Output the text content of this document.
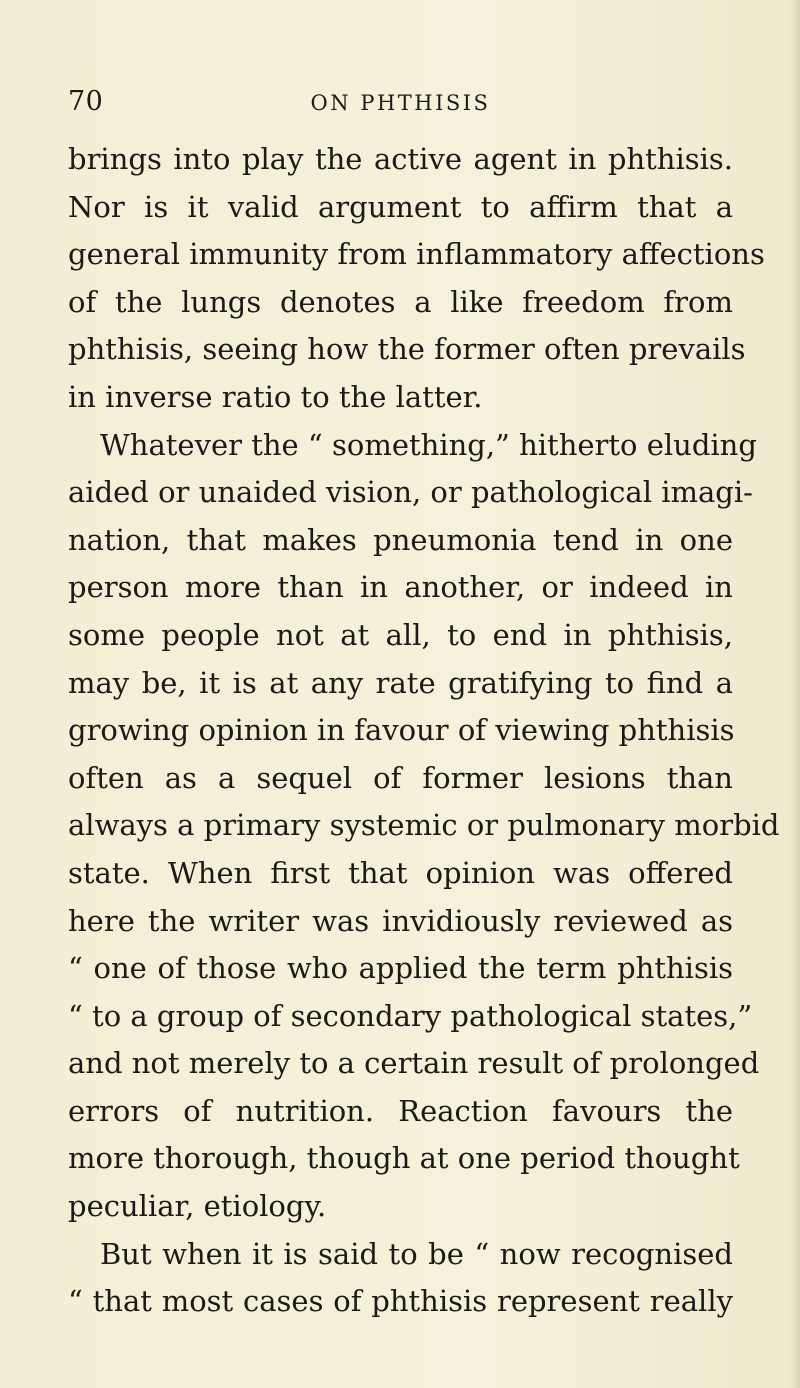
70	ON PHTHISIS
brings into play the active agent in phthisis.
Nor is it valid argument to affirm that a
general immunity from inflammatory affections
of the lungs denotes a like freedom from
phthisis, seeing how the former often prevails
in inverse ratio to the latter.
Whatever the “ something,” hitherto eluding
aided or unaided vision, or pathological imagi-
nation, that makes pneumonia tend in one
person more than in another, or indeed in
some people not at all, to end in phthisis,
may be, it is at any rate gratifying to find a
growing opinion in favour of viewing phthisis
often as a sequel of former lesions than
always a primary systemic or pulmonary morbid
state. When first that opinion was offered
here the writer was invidiously reviewed as
“ one of those who applied the term phthisis
“ to a group of secondary pathological states,”
and not merely to a certain result of prolonged
errors of nutrition. Reaction favours the
more thorough, though at one period thought
peculiar, etiology.
But when it is said to be “ now recognised
“ that most cases of phthisis represent really
